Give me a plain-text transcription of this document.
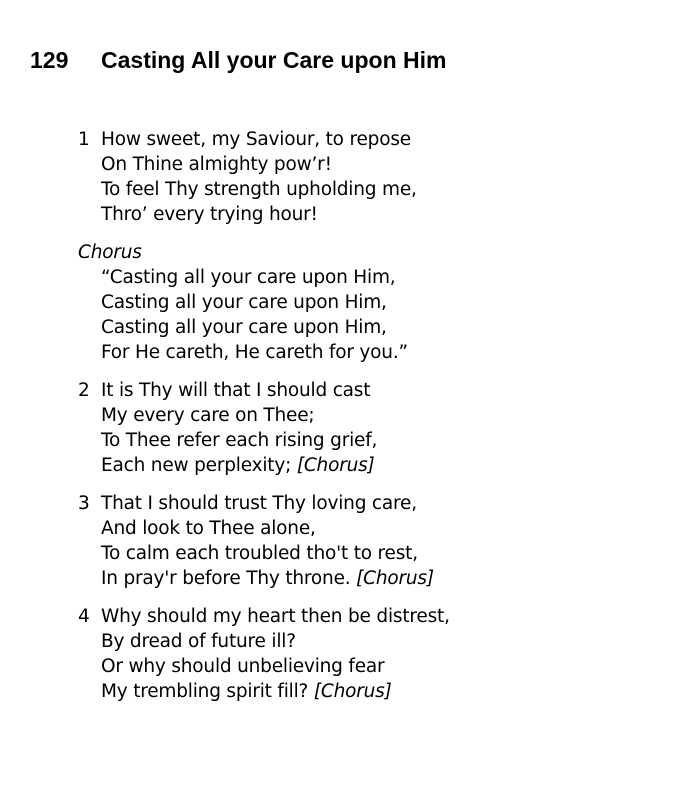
129 Casting All your Care upon Him
1 How sweet, my Saviour, to repose
On Thine almighty pow’r!
To feel Thy strength upholding me,
Thro’ every trying hour!
Chorus
“Casting all your care upon Him,
Casting all your care upon Him,
Casting all your care upon Him,
For He careth, He careth for you.”
2 It is Thy will that I should cast
My every care on Thee;
To Thee refer each rising grief,
Each new perplexity; [Chorus]
3 That I should trust Thy loving care,
And look to Thee alone,
To calm each troubled tho't to rest,
In pray'r before Thy throne. [Chorus]
4 Why should my heart then be distrest,
By dread of future ill?
Or why should unbelieving fear
My trembling spirit fill? [Chorus]
